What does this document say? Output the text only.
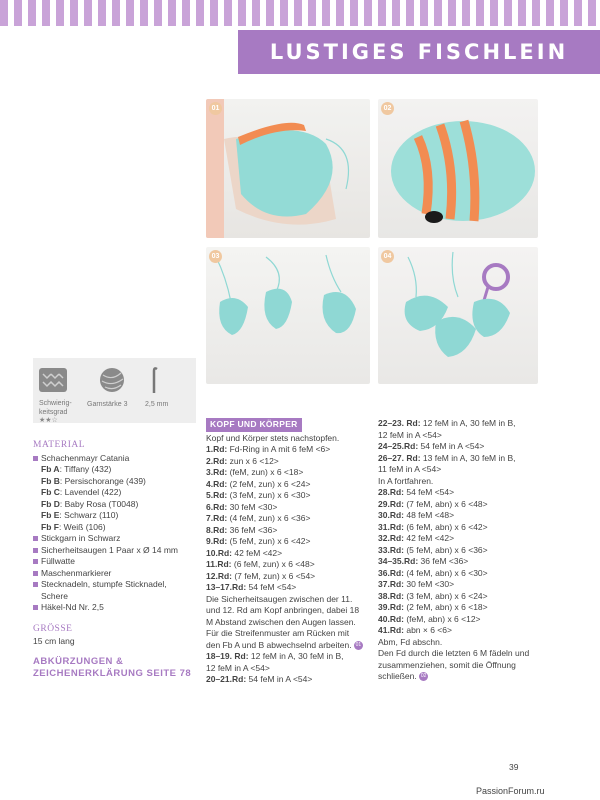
LUSTIGES FISCHLEIN
01	02
03	04
Schwierig-
keitsgrad
★★☆
Garnstärke 3	2,5 mm
MATERIAL
Schachenmayr Catania
Fb A: Tiffany (432)
Fb B: Persischorange (439)
Fb C: Lavendel (422)
Fb D: Baby Rosa (T0048)
Fb E: Schwarz (110)
Fb F: Weiß (106)
Stickgarn in Schwarz
Sicherheitsaugen 1 Paar x Ø 14 mm
Füllwatte
Maschenmarkierer
Stecknadeln, stumpfe Sticknadel,
Schere
Häkel-Nd Nr. 2,5
GRÖSSE
15 cm lang
ABKÜRZUNGEN &
ZEICHENERKLÄRUNG SEITE 78
KOPF UND KÖRPER
Kopf und Körper stets nachstopfen.
1.Rd: Fd-Ring in A mit 6 feM <6>
2.Rd: zun x 6 <12>
3.Rd: (feM, zun) x 6 <18>
4.Rd: (2 feM, zun) x 6 <24>
5.Rd: (3 feM, zun) x 6 <30>
6.Rd: 30 feM <30>
7.Rd: (4 feM, zun) x 6 <36>
8.Rd: 36 feM <36>
9.Rd: (5 feM, zun) x 6 <42>
10.Rd: 42 feM <42>
11.Rd: (6 feM, zun) x 6 <48>
12.Rd: (7 feM, zun) x 6 <54>
13–17.Rd: 54 feM <54>
Die Sicherheitsaugen zwischen der 11.
und 12. Rd am Kopf anbringen, dabei 18
M Abstand zwischen den Augen lassen.
Für die Streifenmuster am Rücken mit
den Fb A und B abwechselnd arbeiten. 01
18–19. Rd: 12 feM in A, 30 feM in B,
12 feM in A <54>
20–21.Rd: 54 feM in A <54>
22–23. Rd: 12 feM in A, 30 feM in B,
12 feM in A <54>
24–25.Rd: 54 feM in A <54>
26–27. Rd: 13 feM in A, 30 feM in B,
11 feM in A <54>
In A fortfahren.
28.Rd: 54 feM <54>
29.Rd: (7 feM, abn) x 6 <48>
30.Rd: 48 feM <48>
31.Rd: (6 feM, abn) x 6 <42>
32.Rd: 42 feM <42>
33.Rd: (5 feM, abn) x 6 <36>
34–35.Rd: 36 feM <36>
36.Rd: (4 feM, abn) x 6 <30>
37.Rd: 30 feM <30>
38.Rd: (3 feM, abn) x 6 <24>
39.Rd: (2 feM, abn) x 6 <18>
40.Rd: (feM, abn) x 6 <12>
41.Rd: abn × 6 <6>
Abm, Fd abschn.
Den Fd durch die letzten 6 M fädeln und
zusammenziehen, somit die Öffnung
schließen. 02
39
PassionForum.ru
